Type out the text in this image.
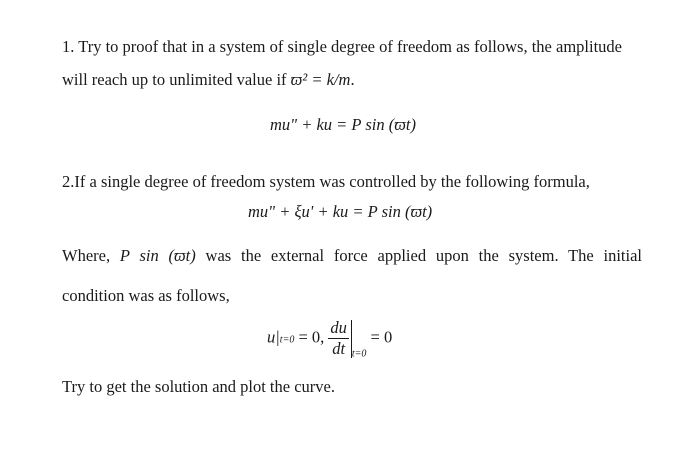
1. Try to proof that in a system of single degree of freedom as follows, the amplitude
will reach up to unlimited value if ϖ² = k/m.
mu" + ku = P sin (ϖt)
2.If a single degree of freedom system was controlled by the following formula,
mu" + ξu' + ku = P sin (ϖt)
Where, P sin (ϖt) was the external force applied upon the system. The initial
condition was as follows,
u|t=0 = 0, $\frac{du}{dt} _{t=0} = 0$
Try to get the solution and plot the curve.
